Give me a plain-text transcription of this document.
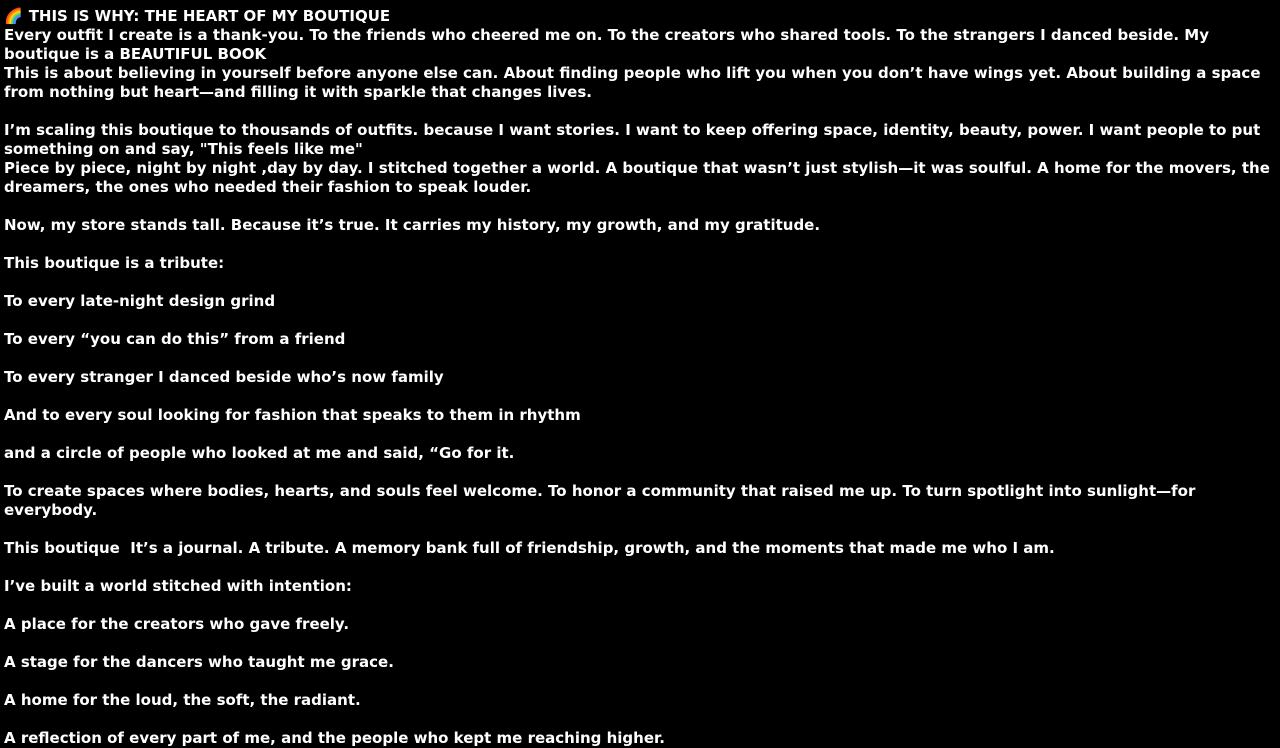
🌈 THIS IS WHY: THE HEART OF MY BOUTIQUE
Every outfit I create is a thank-you. To the friends who cheered me on. To the creators who shared tools. To the strangers I danced beside. My boutique is a BEAUTIFUL BOOK
This is about believing in yourself before anyone else can. About finding people who lift you when you don’t have wings yet. About building a space from nothing but heart—and filling it with sparkle that changes lives.
I’m scaling this boutique to thousands of outfits. because I want stories. I want to keep offering space, identity, beauty, power. I want people to put something on and say, "This feels like me"
Piece by piece, night by night ,day by day. I stitched together a world. A boutique that wasn’t just stylish—it was soulful. A home for the movers, the dreamers, the ones who needed their fashion to speak louder.
Now, my store stands tall. Because it’s true. It carries my history, my growth, and my gratitude.
This boutique is a tribute:
To every late-night design grind
To every “you can do this” from a friend
To every stranger I danced beside who’s now family
And to every soul looking for fashion that speaks to them in rhythm
and a circle of people who looked at me and said, “Go for it.
To create spaces where bodies, hearts, and souls feel welcome. To honor a community that raised me up. To turn spotlight into sunlight—for everybody.
This boutique  It’s a journal. A tribute. A memory bank full of friendship, growth, and the moments that made me who I am.
I’ve built a world stitched with intention:
A place for the creators who gave freely.
A stage for the dancers who taught me grace.
A home for the loud, the soft, the radiant.
A reflection of every part of me, and the people who kept me reaching higher.
